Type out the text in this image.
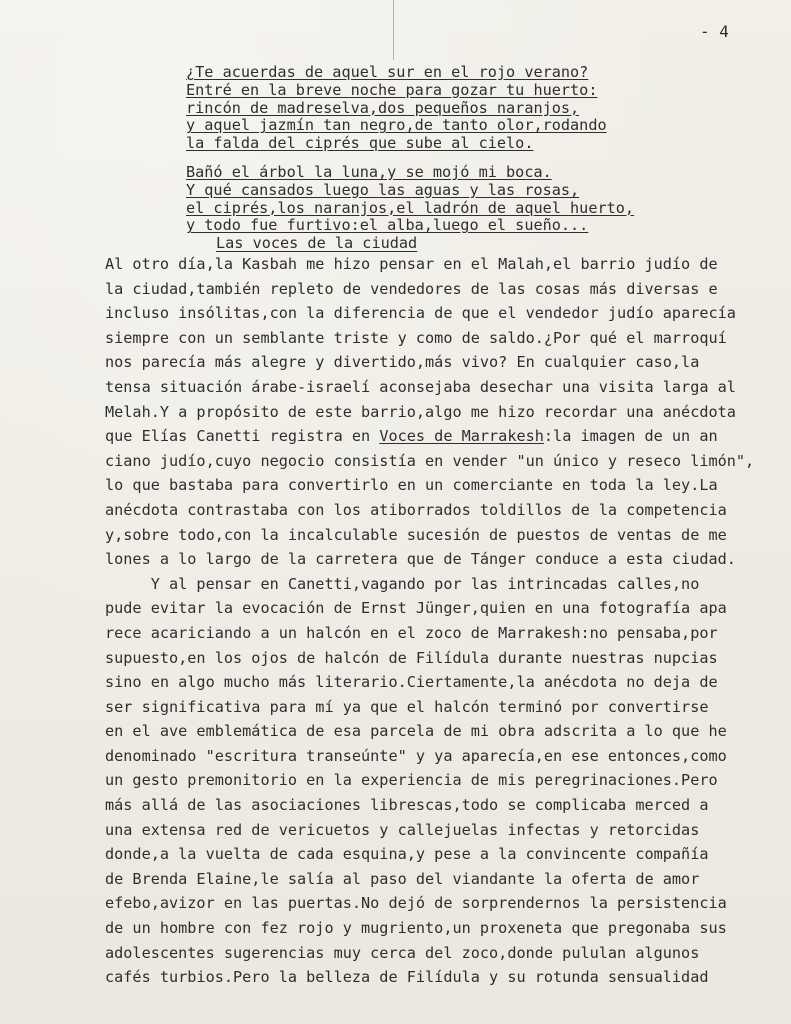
- 4
¿Te acuerdas de aquel sur en el rojo verano?
Entré en la breve noche para gozar tu huerto:
rincón de madreselva,dos pequeños naranjos,
y aquel jazmín tan negro,de tanto olor,rodando
la falda del ciprés que sube al cielo.
Bañó el árbol la luna,y se mojó mi boca.
Y qué cansados luego las aguas y las rosas,
el ciprés,los naranjos,el ladrón de aquel huerto,
y todo fue furtivo:el alba,luego el sueño...
Las voces de la ciudad
Al otro día,la Kasbah me hizo pensar en el Malah,el barrio judío de
la ciudad,también repleto de vendedores de las cosas más diversas e
incluso insólitas,con la diferencia de que el vendedor judío aparecía
siempre con un semblante triste y como de saldo.¿Por qué el marroquí
nos parecía más alegre y divertido,más vivo? En cualquier caso,la
tensa situación árabe-israelí aconsejaba desechar una visita larga al
Melah.Y a propósito de este barrio,algo me hizo recordar una anécdota
que Elías Canetti registra en Voces de Marrakesh:la imagen de un an
ciano judío,cuyo negocio consistía en vender "un único y reseco limón",
lo que bastaba para convertirlo en un comerciante en toda la ley.La
anécdota contrastaba con los atiborrados toldillos de la competencia
y,sobre todo,con la incalculable sucesión de puestos de ventas de me
lones a lo largo de la carretera que de Tánger conduce a esta ciudad.
Y al pensar en Canetti,vagando por las intrincadas calles,no
pude evitar la evocación de Ernst Jünger,quien en una fotografía apa
rece acariciando a un halcón en el zoco de Marrakesh:no pensaba,por
supuesto,en los ojos de halcón de Filídula durante nuestras nupcias
sino en algo mucho más literario.Ciertamente,la anécdota no deja de
ser significativa para mí ya que el halcón terminó por convertirse
en el ave emblemática de esa parcela de mi obra adscrita a lo que he
denominado "escritura transeúnte" y ya aparecía,en ese entonces,como
un gesto premonitorio en la experiencia de mis peregrinaciones.Pero
más allá de las asociaciones librescas,todo se complicaba merced a
una extensa red de vericuetos y callejuelas infectas y retorcidas
donde,a la vuelta de cada esquina,y pese a la convincente compañía
de Brenda Elaine,le salía al paso del viandante la oferta de amor
efebo,avizor en las puertas.No dejó de sorprendernos la persistencia
de un hombre con fez rojo y mugriento,un proxeneta que pregonaba sus
adolescentes sugerencias muy cerca del zoco,donde pululan algunos
cafés turbios.Pero la belleza de Filídula y su rotunda sensualidad
